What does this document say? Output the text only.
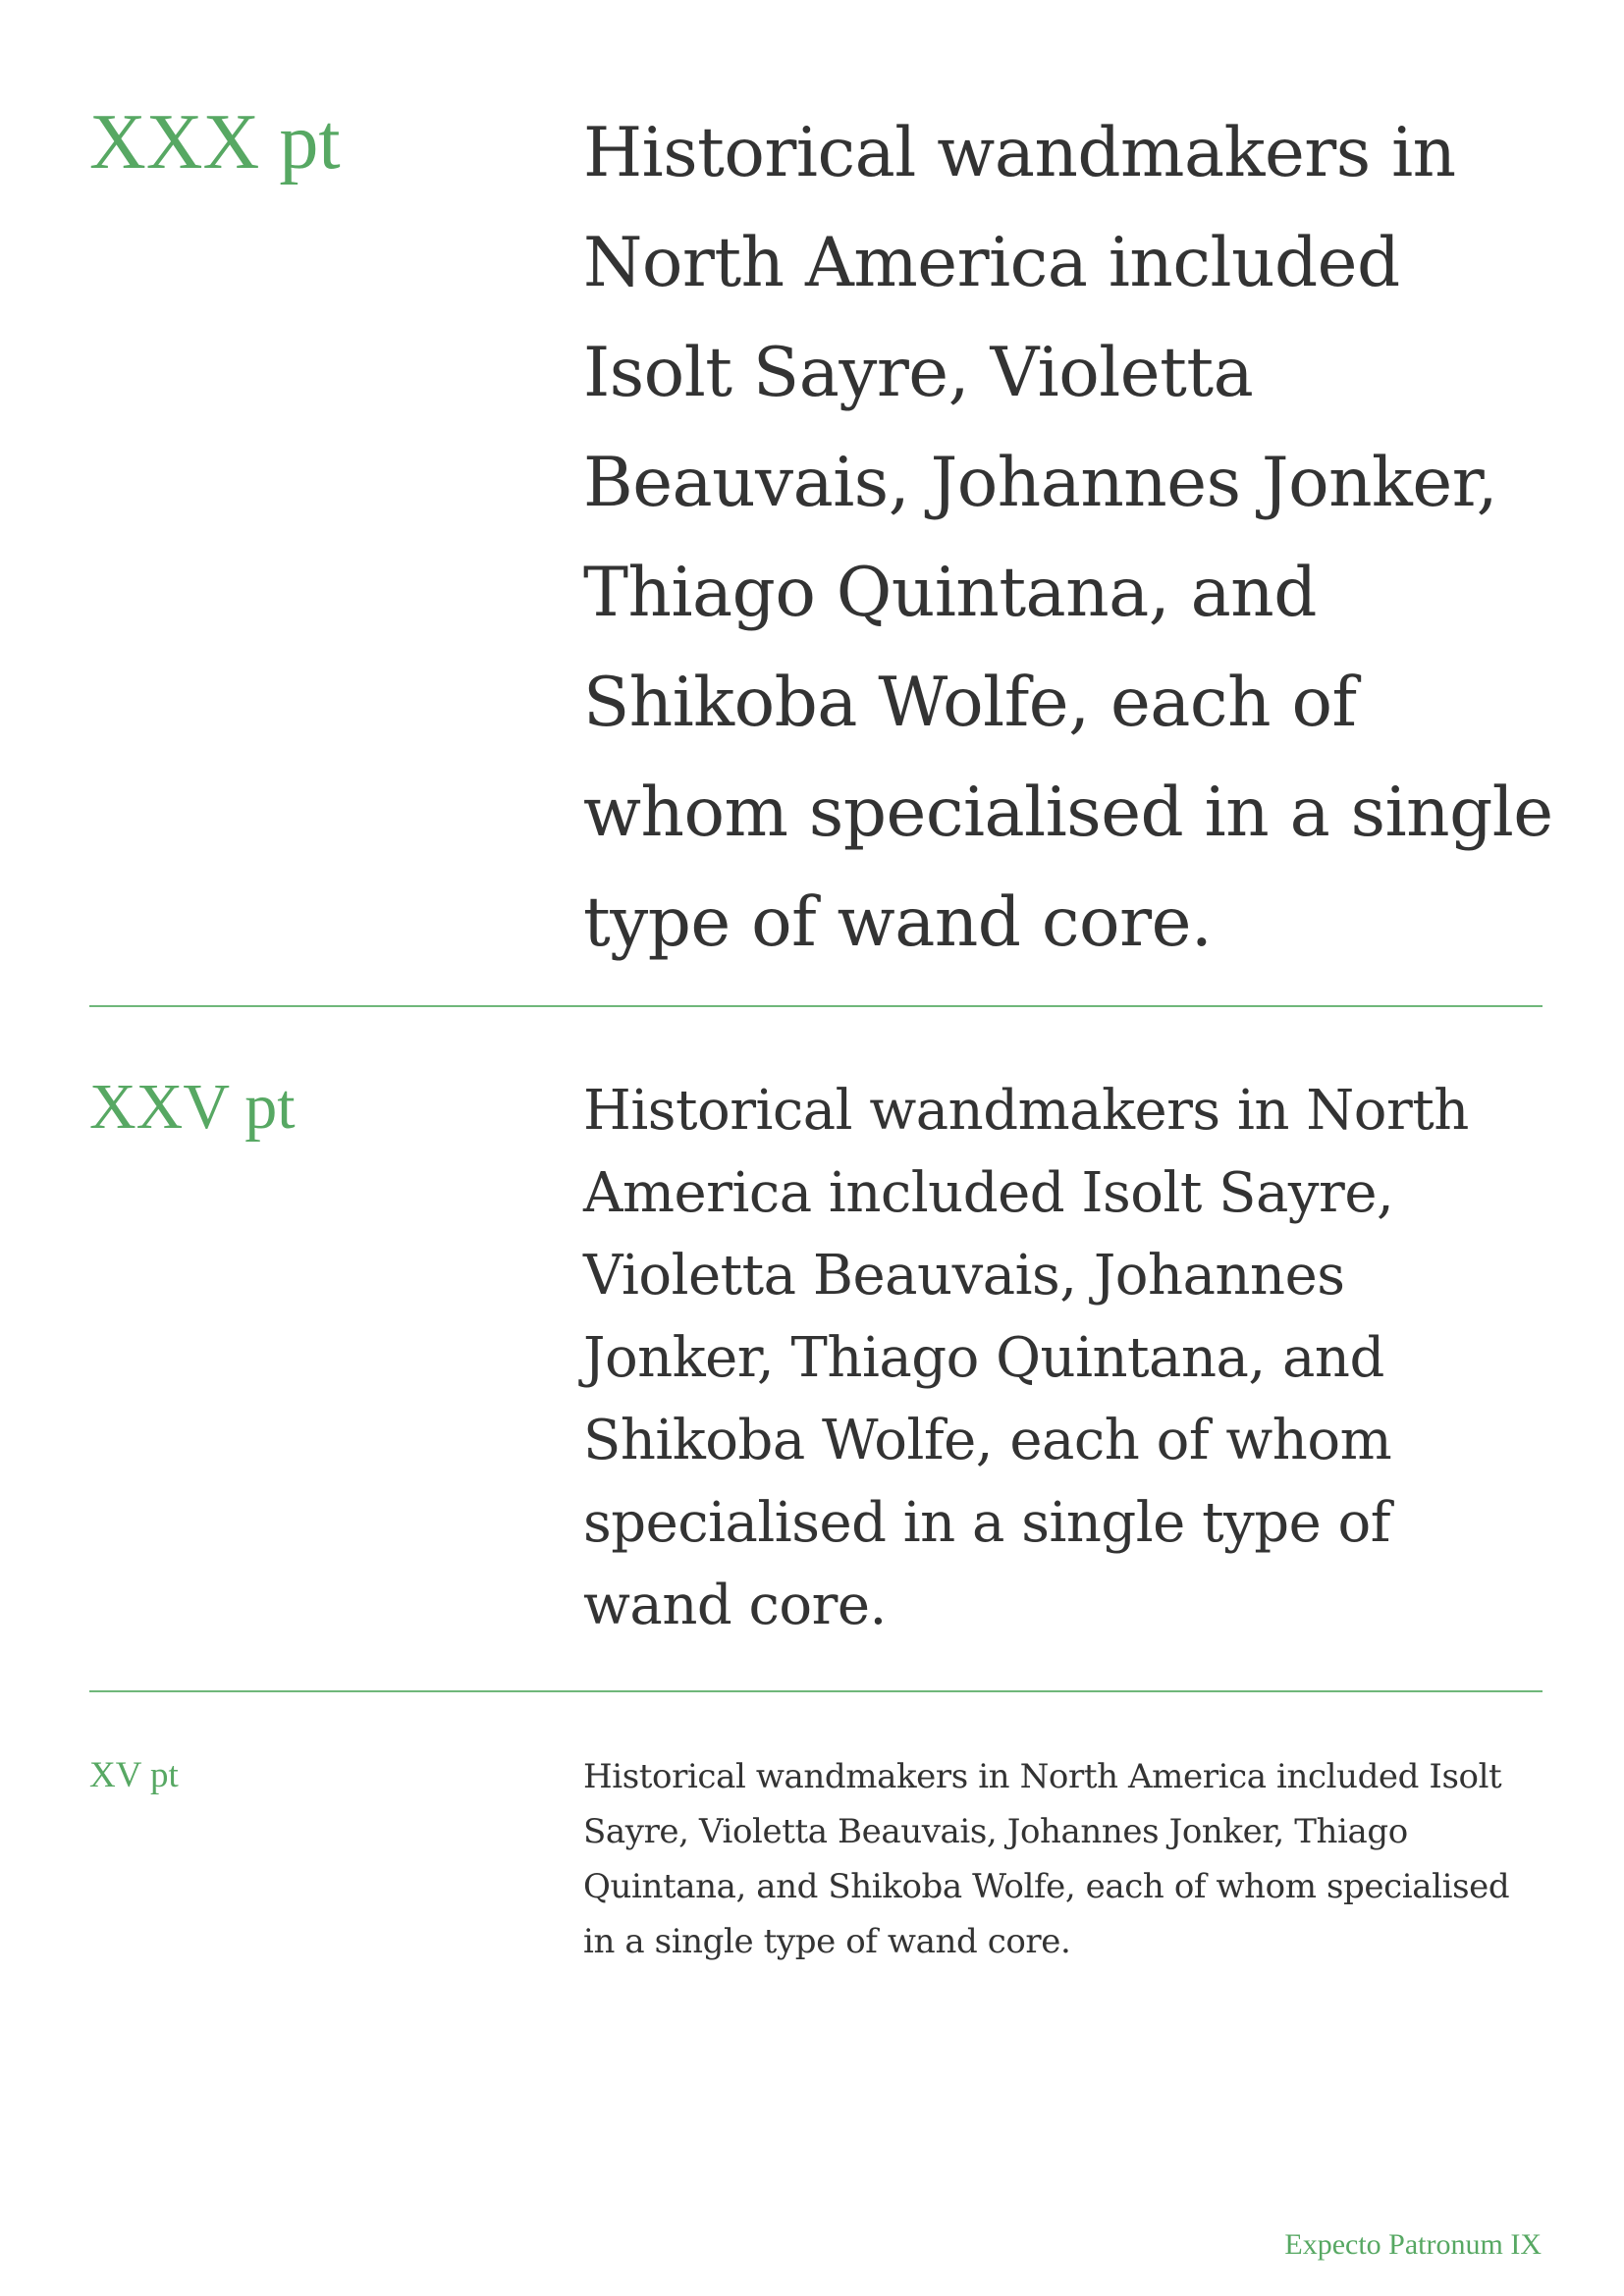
XXX pt	Historical wandmakers in North America included Isolt Sayre, Violetta Beauvais, Johannes Jonker, Thiago Quintana, and Shikoba Wolfe, each of whom specialised in a single type of wand core.

XXV pt	Historical wandmakers in North America included Isolt Sayre, Violetta Beauvais, Johannes Jonker, Thiago Quintana, and Shikoba Wolfe, each of whom specialised in a single type of wand core.

XV pt	Historical wandmakers in North America included Isolt Sayre, Violetta Beauvais, Johannes Jonker, Thiago Quintana, and Shikoba Wolfe, each of whom specialised in a single type of wand core.

Expecto Patronum IX
